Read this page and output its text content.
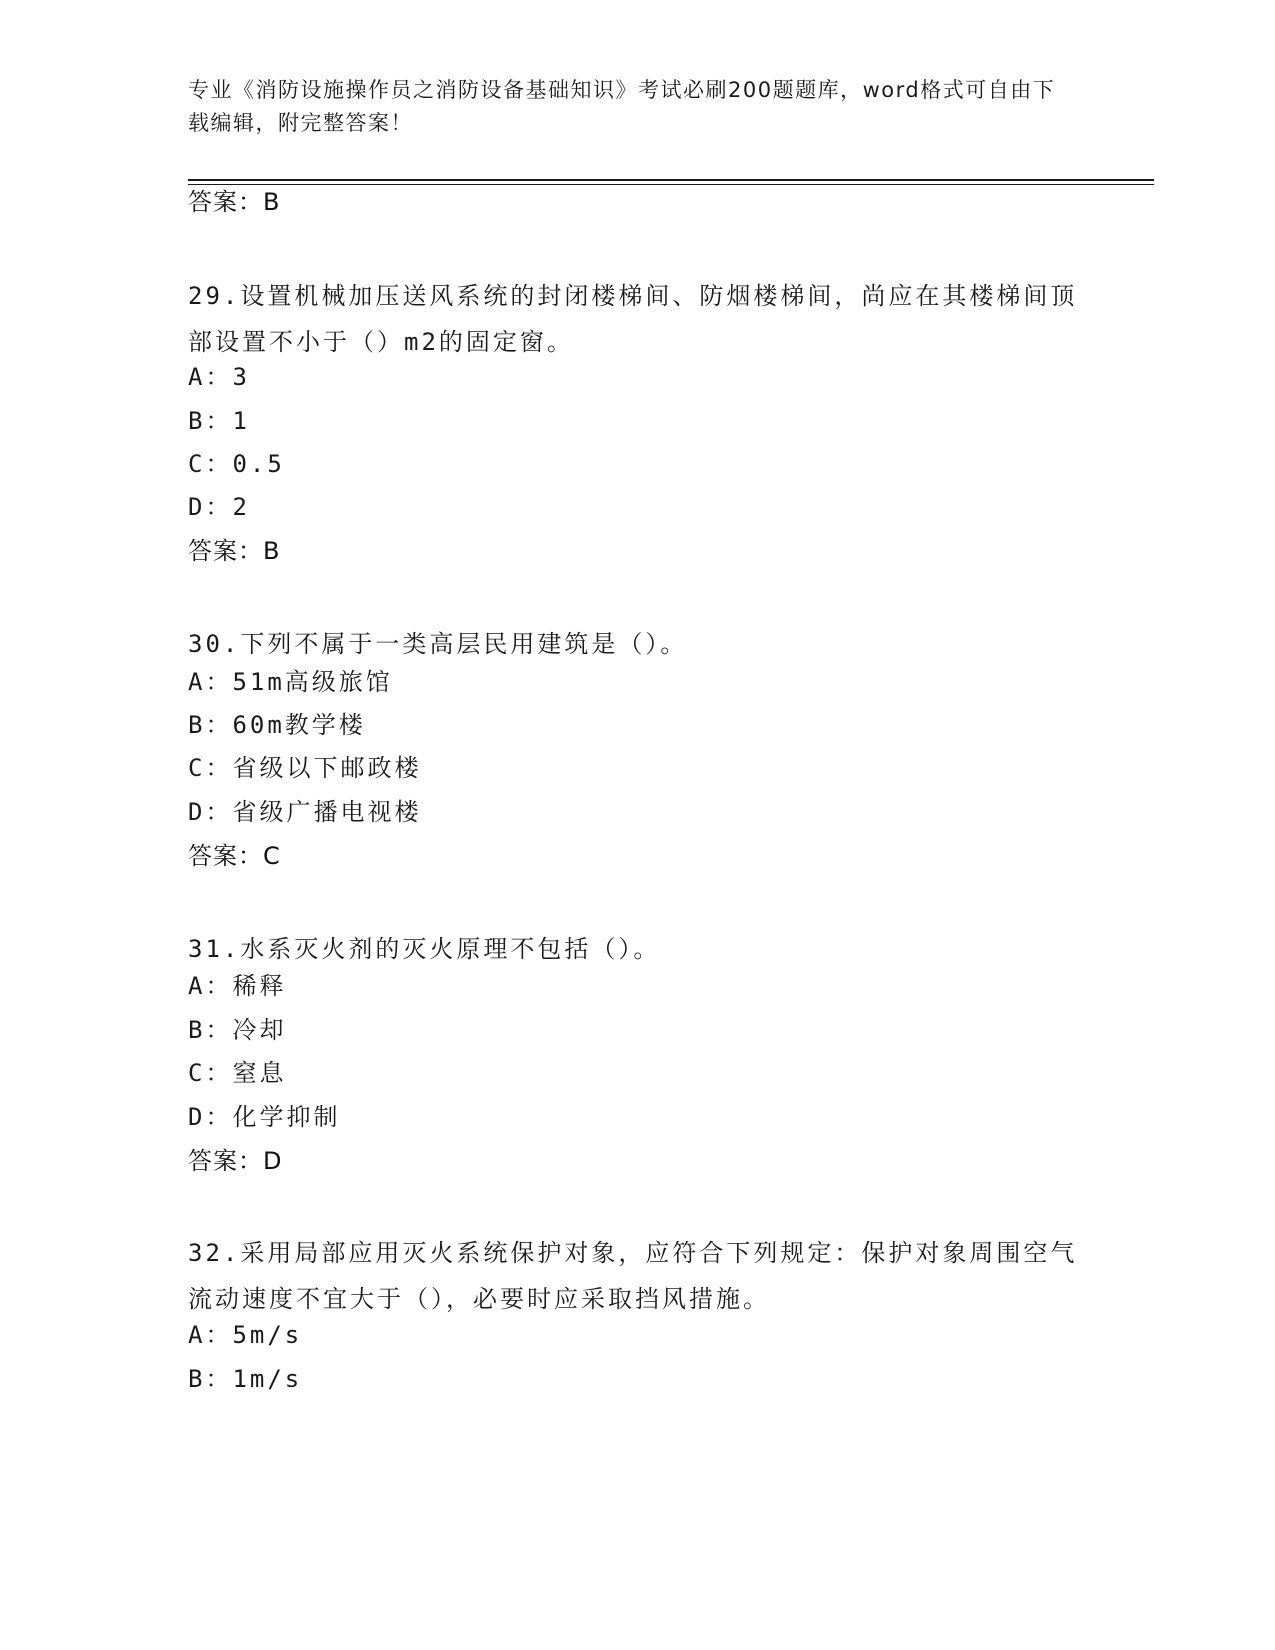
专业《消防设施操作员之消防设备基础知识》考试必刷200题题库，word格式可自由下载编辑，附完整答案！
答案：B
29.设置机械加压送风系统的封闭楼梯间、防烟楼梯间，尚应在其楼梯间顶部设置不小于（）m2的固定窗。
A：3
B：1
C：0.5
D：2
答案：B
30.下列不属于一类高层民用建筑是（）。
A：51m高级旅馆
B：60m教学楼
C：省级以下邮政楼
D：省级广播电视楼
答案：C
31.水系灭火剂的灭火原理不包括（）。
A：稀释
B：冷却
C：窒息
D：化学抑制
答案：D
32.采用局部应用灭火系统保护对象，应符合下列规定：保护对象周围空气流动速度不宜大于（），必要时应采取挡风措施。
A：5m/s
B：1m/s
